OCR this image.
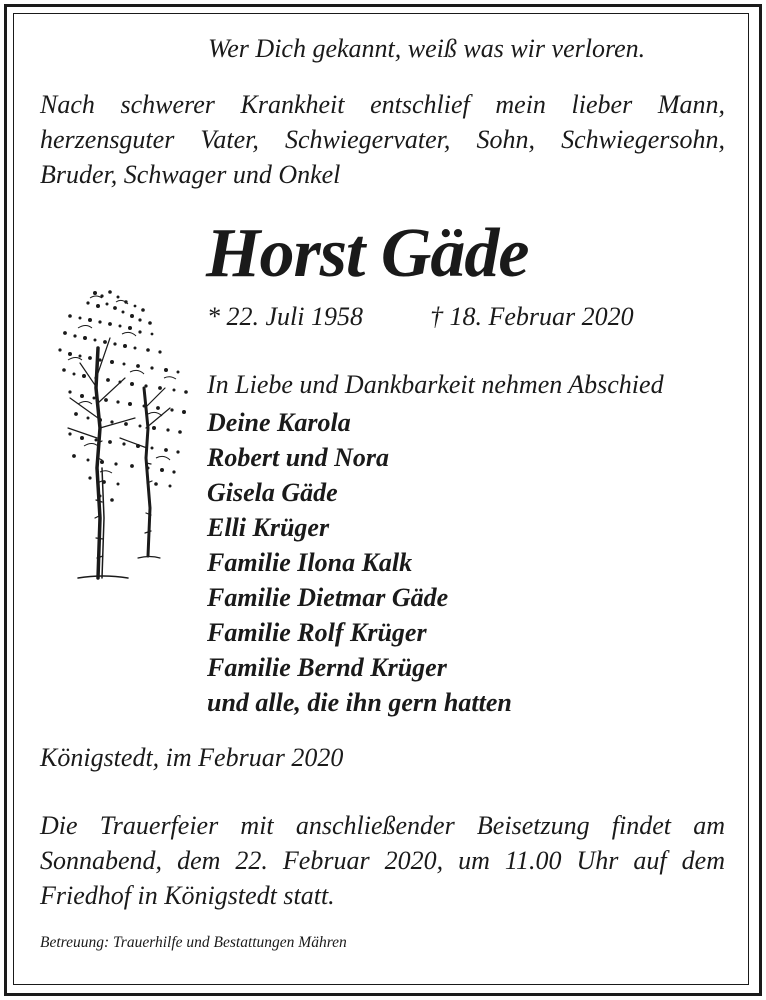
Wer Dich gekannt, weiß was wir verloren.
Nach schwerer Krankheit entschlief mein lieber Mann,
herzensguter Vater, Schwiegervater, Sohn, Schwiegersohn,
Bruder, Schwager und Onkel
Horst Gäde
* 22. Juli 1958	† 18. Februar 2020
In Liebe und Dankbarkeit nehmen Abschied
Deine Karola
Robert und Nora
Gisela Gäde
Elli Krüger
Familie Ilona Kalk
Familie Dietmar Gäde
Familie Rolf Krüger
Familie Bernd Krüger
und alle, die ihn gern hatten
Königstedt, im Februar 2020
Die Trauerfeier mit anschließender Beisetzung findet am
Sonnabend, dem 22. Februar 2020, um 11.00 Uhr auf dem
Friedhof in Königstedt statt.
Betreuung: Trauerhilfe und Bestattungen Mähren
